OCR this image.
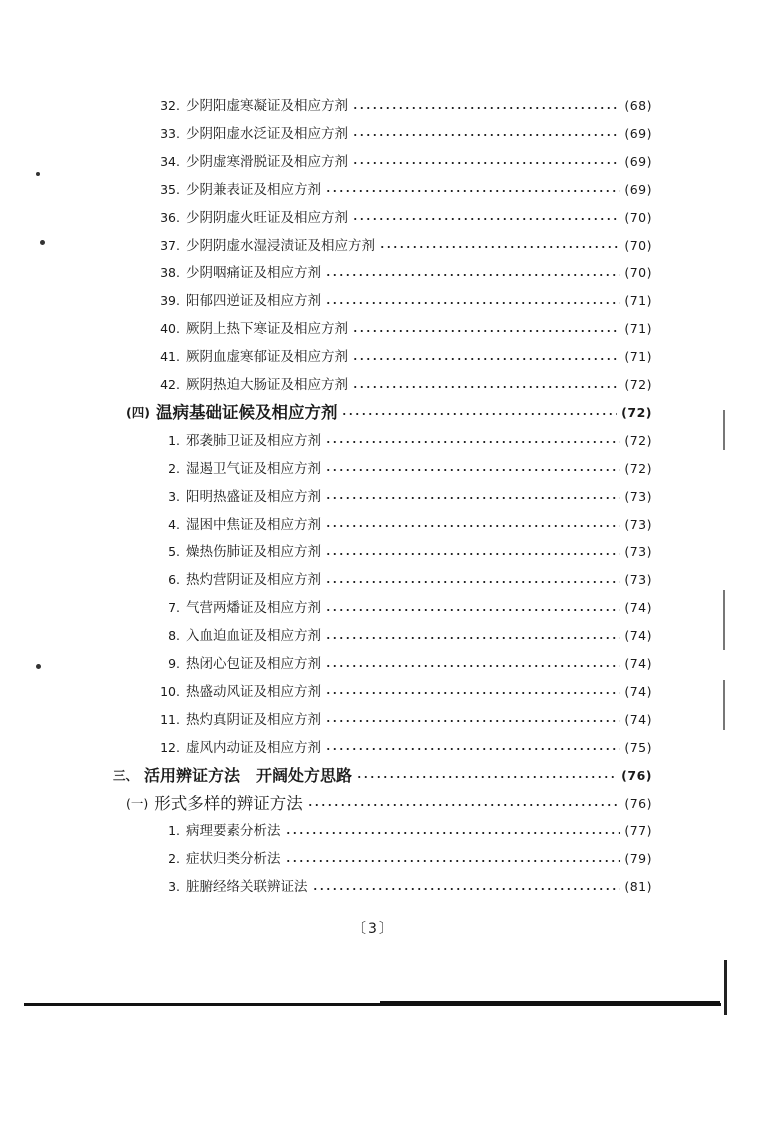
32. 少阴阳虚寒凝证及相应方剂	(68)
33. 少阴阳虚水泛证及相应方剂	(69)
34. 少阴虚寒滑脱证及相应方剂	(69)
35. 少阴兼表证及相应方剂	(69)
36. 少阴阴虚火旺证及相应方剂	(70)
37. 少阴阴虚水湿浸渍证及相应方剂	(70)
38. 少阴咽痛证及相应方剂	(70)
39. 阳郁四逆证及相应方剂	(71)
40. 厥阴上热下寒证及相应方剂	(71)
41. 厥阴血虚寒郁证及相应方剂	(71)
42. 厥阴热迫大肠证及相应方剂	(72)
(四) 温病基础证候及相应方剂	(72)
1. 邪袭肺卫证及相应方剂	(72)
2. 湿遏卫气证及相应方剂	(72)
3. 阳明热盛证及相应方剂	(73)
4. 湿困中焦证及相应方剂	(73)
5. 燥热伤肺证及相应方剂	(73)
6. 热灼营阴证及相应方剂	(73)
7. 气营两燔证及相应方剂	(74)
8. 入血迫血证及相应方剂	(74)
9. 热闭心包证及相应方剂	(74)
10. 热盛动风证及相应方剂	(74)
11. 热灼真阴证及相应方剂	(74)
12. 虚风内动证及相应方剂	(75)
三、 活用辨证方法　开阔处方思路	(76)
(一) 形式多样的辨证方法	(76)
1. 病理要素分析法	(77)
2. 症状归类分析法	(79)
3. 脏腑经络关联辨证法	(81)
〔3〕
